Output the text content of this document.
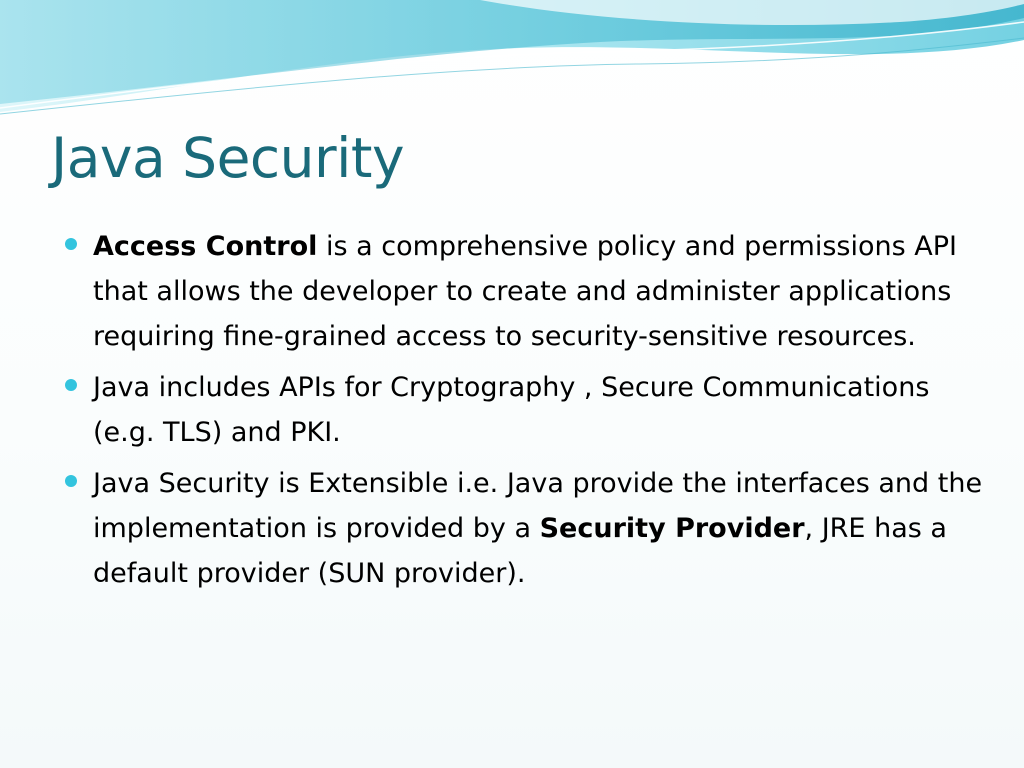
Java Security
Access Control is a comprehensive policy and permissions API that allows the developer to create and administer applications requiring fine-grained access to security-sensitive resources.
Java includes APIs for Cryptography , Secure Communications (e.g. TLS) and PKI.
Java Security is Extensible i.e. Java provide the interfaces and the implementation is provided by a Security Provider, JRE has a default provider (SUN provider).
